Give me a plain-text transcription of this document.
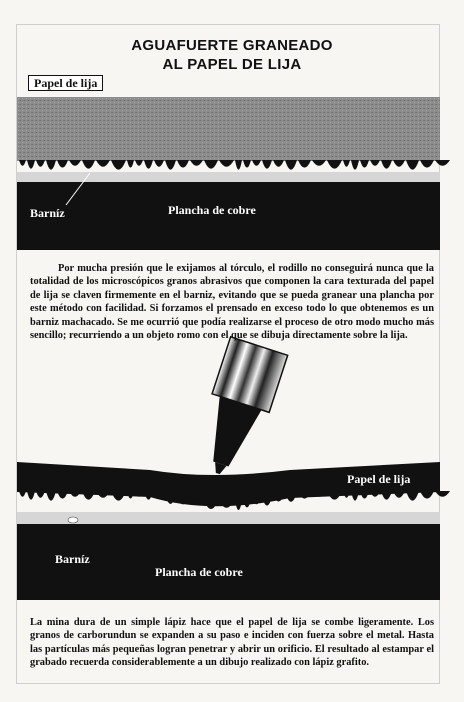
AGUAFUERTE GRANEADO
AL PAPEL DE LIJA
Papel de lija
Barníz	Plancha de cobre
Por mucha presión que le exijamos al tórculo, el rodillo no conseguirá nunca que la totalidad de los microscópicos granos abrasivos que componen la cara texturada del papel de lija se claven firmemente en el barniz, evitando que se pueda granear una plancha por este método con facilidad. Si forzamos el prensado en exceso todo lo que obtenemos es un barniz machacado. Se me ocurrió que podía realizarse el proceso de otro modo mucho más sencillo; recurriendo a un objeto romo con el que se dibuja directamente sobre la lija.
Papel de lija
Barníz
Plancha de cobre
La mina dura de un simple lápiz hace que el papel de lija se combe ligeramente. Los granos de carborundun se expanden a su paso e inciden con fuerza sobre el metal. Hasta las partículas más pequeñas logran penetrar y abrir un orificio. El resultado al estampar el grabado recuerda considerablemente a un dibujo realizado con lápiz grafito.
